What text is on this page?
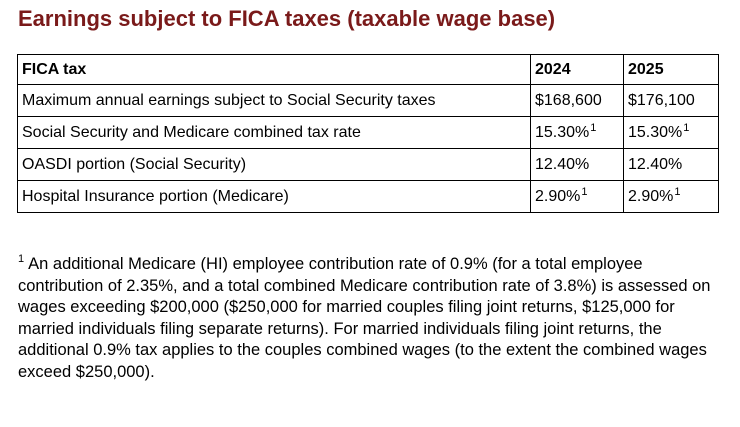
Earnings subject to FICA taxes (taxable wage base)
FICA tax	2024	2025
Maximum annual earnings subject to Social Security taxes	$168,600	$176,100
Social Security and Medicare combined tax rate	15.30%$^1$	15.30%$^1$
OASDI portion (Social Security)	12.40%	12.40%
Hospital Insurance portion (Medicare)	2.90%$^1$	2.90%$^1$

$^1$ An additional Medicare (HI) employee contribution rate of 0.9% (for a total employee contribution of 2.35%, and a total combined Medicare contribution rate of 3.8%) is assessed on wages exceeding $200,000 ($250,000 for married couples filing joint returns, $125,000 for married individuals filing separate returns). For married individuals filing joint returns, the additional 0.9% tax applies to the couples combined wages (to the extent the combined wages exceed $250,000).
